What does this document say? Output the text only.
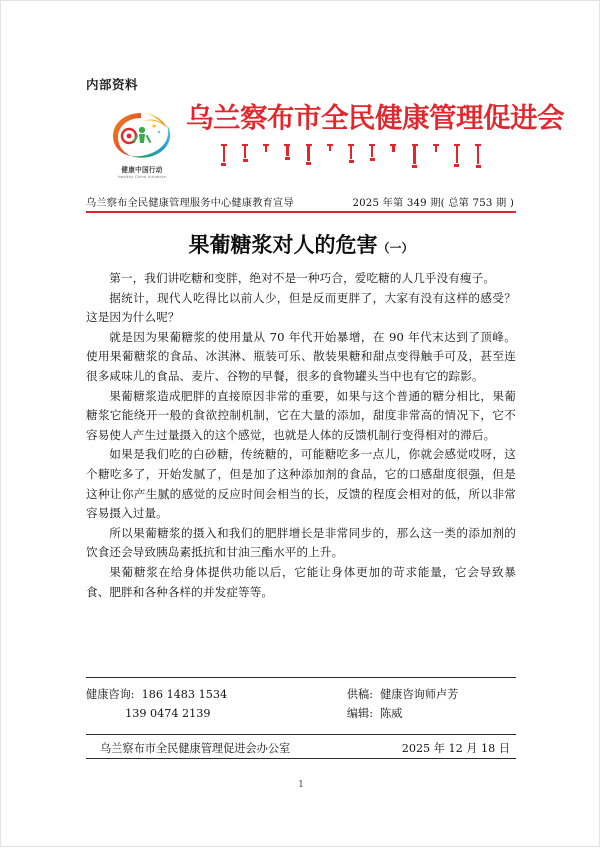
内部资料
健康中国行动
Healthy China Initiative
乌兰察布市全民健康管理促进会

乌兰察布全民健康管理服务中心健康教育宣导	2025 年第 349 期( 总第 753 期 )
果葡糖浆对人的危害（一）

第一，我们讲吃糖和变胖，绝对不是一种巧合，爱吃糖的人几乎没有瘦子。

据统计，现代人吃得比以前人少，但是反而更胖了，大家有没有这样的感受？这是因为什么呢？

就是因为果葡糖浆的使用量从 70 年代开始暴增，在 90 年代末达到了顶峰。使用果葡糖浆的食品、冰淇淋、瓶装可乐、散装果糖和甜点变得触手可及，甚至连很多咸味儿的食品、麦片、谷物的早餐，很多的食物罐头当中也有它的踪影。

果葡糖浆造成肥胖的直接原因非常的重要，如果与这个普通的糖分相比，果葡糖浆它能绕开一般的食欲控制机制，它在大量的添加，甜度非常高的情况下，它不容易使人产生过量摄入的这个感觉，也就是人体的反馈机制行变得相对的滞后。

如果是我们吃的白砂糖，传统糖的，可能糖吃多一点儿，你就会感觉哎呀，这个糖吃多了，开始发腻了，但是加了这种添加剂的食品，它的口感甜度很强，但是这种让你产生腻的感觉的反应时间会相当的长，反馈的程度会相对的低，所以非常容易摄入过量。

所以果葡糖浆的摄入和我们的肥胖增长是非常同步的，那么这一类的添加剂的饮食还会导致胰岛素抵抗和甘油三酯水平的上升。

果葡糖浆在给身体提供功能以后，它能让身体更加的苛求能量，它会导致暴食、肥胖和各种各样的并发症等等。

健康咨询: 186 1483 1534	供稿: 健康咨询师卢芳
139 0474 2139	编辑: 陈威
乌兰察布市全民健康管理促进会办公室	2025 年 12 月 18 日
1
